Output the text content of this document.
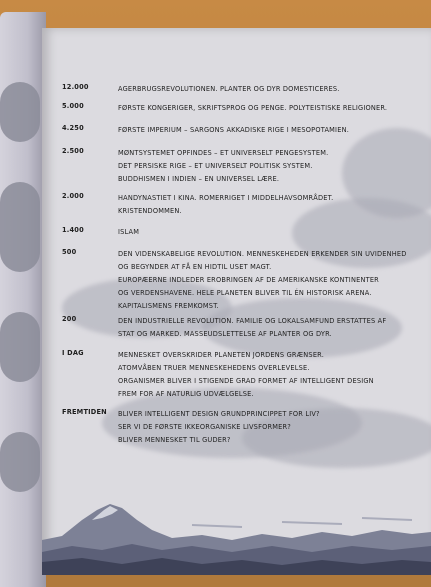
12.000	AGERBRUGSREVOLUTIONEN. PLANTER OG DYR DOMESTICERES.
5.000	FØRSTE KONGERIGER, SKRIFTSPROG OG PENGE. POLYTEISTISKE RELIGIONER.
4.250	FØRSTE IMPERIUM – SARGONS AKKADISKE RIGE I MESOPOTAMIEN.
2.500	MØNTSYSTEMET OPFINDES – ET UNIVERSELT PENGESYSTEM.
DET PERSISKE RIGE – ET UNIVERSELT POLITISK SYSTEM.
BUDDHISMEN I INDIEN – EN UNIVERSEL LÆRE.
2.000	HANDYNASTIET I KINA. ROMERRIGET I MIDDELHAVSOMRÅDET.
KRISTENDOMMEN.
1.400	ISLAM
500	DEN VIDENSKABELIGE REVOLUTION. MENNESKEHEDEN ERKENDER SIN UVIDENHED
OG BEGYNDER AT FÅ EN HIDTIL USET MAGT.
EUROPÆERNE INDLEDER EROBRINGEN AF DE AMERIKANSKE KONTINENTER
OG VERDENSHAVENE. HELE PLANETEN BLIVER TIL ÉN HISTORISK ARENA.
KAPITALISMENS FREMKOMST.
200	DEN INDUSTRIELLE REVOLUTION. FAMILIE OG LOKALSAMFUND ERSTATTES AF
STAT OG MARKED. MASSEUDSLETTELSE AF PLANTER OG DYR.
I DAG	MENNESKET OVERSKRIDER PLANETEN JORDENS GRÆNSER.
ATOMVÅBEN TRUER MENNESKEHEDENS OVERLEVELSE.
ORGANISMER BLIVER I STIGENDE GRAD FORMET AF INTELLIGENT DESIGN
FREM FOR AF NATURLIG UDVÆLGELSE.
FREMTIDEN	BLIVER INTELLIGENT DESIGN GRUNDPRINCIPPET FOR LIV?
SER VI DE FØRSTE IKKEORGANISKE LIVSFORMER?
BLIVER MENNESKET TIL GUDER?
